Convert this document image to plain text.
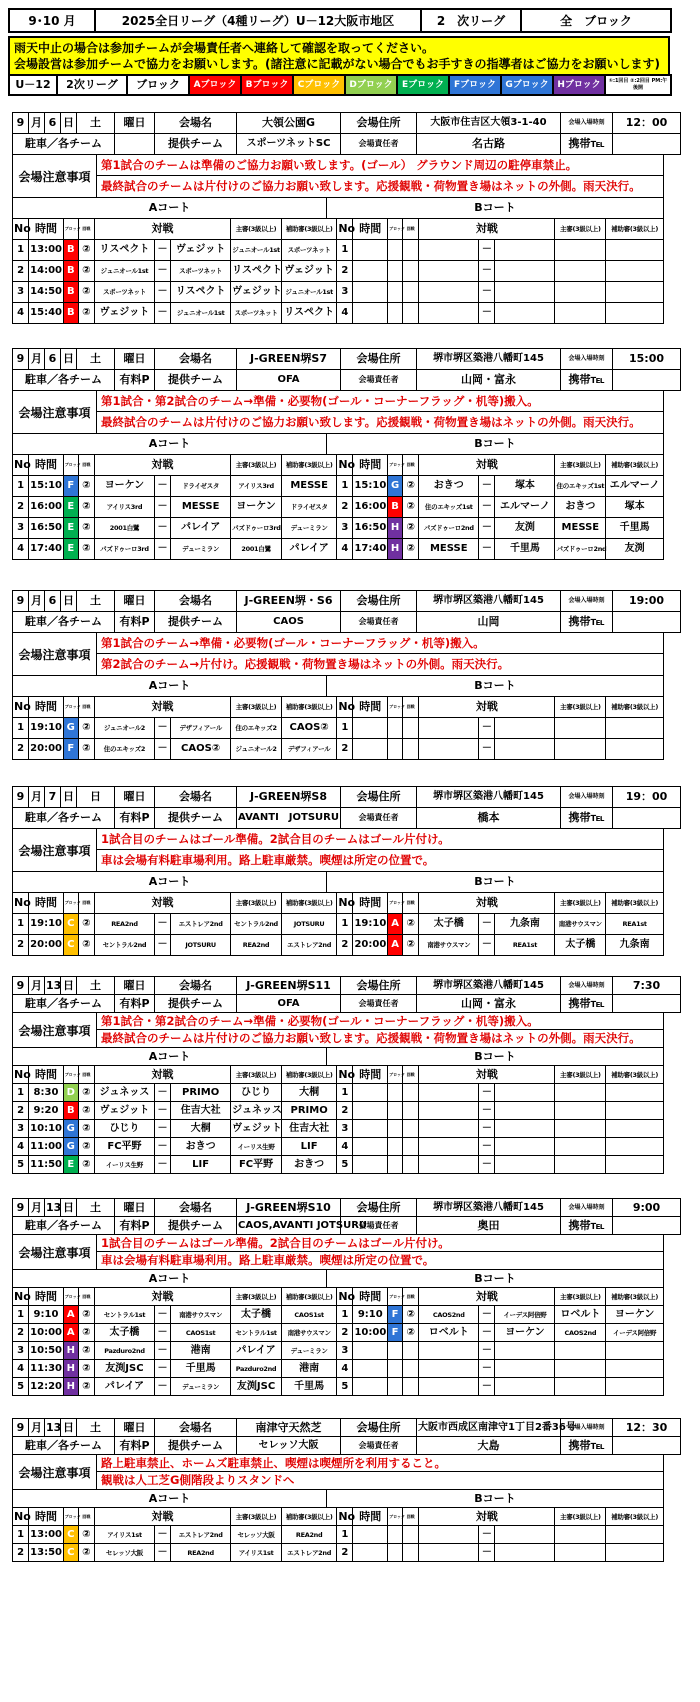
9･10 月	2025全日リーグ（4種リーグ）U－12大阪市地区	2　次リーグ	全　ブロック
雨天中止の場合は参加チームが会場責任者へ連絡して確認を取ってください。
会場設営は参加チームで協力をお願いします。(諸注意に記載がない場合でもお手すきの指導者はご協力をお願いします)
U－12	2次リーグ	ブロック	Aブロック	Bブロック	Cブロック	Dブロック	Eブロック	Fブロック	Gブロック	Hブロック	①:1回目 ②:2回目 PM:午後開
9	月	6	日	土	曜日	会場名	大領公園G	会場住所	大阪市住吉区大領3-1-40	会場入場時刻	12：00
駐車／各チーム						提供チーム	スポーツネットSC	会場責任者	名古路	携帯℡	
会場注意事項
第1試合のチームは準備のご協力お願い致します。(ゴール） グラウンド周辺の駐停車禁止。
最終試合のチームは片付けのご協力お願い致します。応援観戦・荷物置き場はネットの外側。雨天決行。
Aコート	Bコート
No	時間	ブロック	回戦	対戦			主審(3級以上)	補助審(3級以上)	No	時間	ブロック	回戦	対戦			主審(3級以上)	補助審(3級以上)
1	13:00	B	②	リスペクト	－	ヴェジット	ジュニオール1st	スポーツネット	1					－			
2	14:00	B	②	ジュニオール1st	－	スポーツネット	リスペクト	ヴェジット	2					－			
3	14:50	B	②	スポーツネット	－	リスペクト	ヴェジット	ジュニオール1st	3					－			
4	15:40	B	②	ヴェジット	－	ジュニオール1st	スポーツネット	リスペクト	4					－			
9	月	6	日	土	曜日	会場名	J-GREEN堺S7	会場住所	堺市堺区築港八幡町145	会場入場時刻	15:00
駐車／各チーム					有料P	提供チーム	OFA	会場責任者	山岡・富永	携帯℡	
会場注意事項
第1試合・第2試合のチーム→準備・必要物(ゴール・コーナーフラッグ・机等)搬入。
最終試合のチームは片付けのご協力お願い致します。応援観戦・荷物置き場はネットの外側。雨天決行。
Aコート	Bコート
No	時間	ブロック	回戦	対戦			主審(3級以上)	補助審(3級以上)	No	時間	ブロック	回戦	対戦			主審(3級以上)	補助審(3級以上)
1	15:10	F	②	ヨーケン	－	ドライゼスタ	アイリス3rd	MESSE	1	15:10	G	②	おきつ	－	塚本	住のエキッズ1st	エルマーノ
2	16:00	E	②	アイリス3rd	－	MESSE	ヨーケン	ドライゼスタ	2	16:00	B	②	住のエキッズ1st	－	エルマーノ	おきつ	塚本
3	16:50	E	②	2001白鷺	－	パレイア	パズドゥーロ3rd	デューミラン	3	16:50	H	②	パズドゥーロ2nd	－	友渕	MESSE	千里馬
4	17:40	E	②	パズドゥーロ3rd	－	デューミラン	2001白鷺	パレイア	4	17:40	H	②	MESSE	－	千里馬	パズドゥーロ2nd	友渕
9	月	6	日	土	曜日	会場名	J-GREEN堺・S6	会場住所	堺市堺区築港八幡町145	会場入場時刻	19:00
駐車／各チーム					有料P	提供チーム	CAOS	会場責任者	山岡	携帯℡	
会場注意事項
第1試合のチーム→準備・必要物(ゴール・コーナーフラッグ・机等)搬入。
第2試合のチーム→片付け。応援観戦・荷物置き場はネットの外側。雨天決行。
Aコート	Bコート
No	時間	ブロック	回戦	対戦			主審(3級以上)	補助審(3級以上)	No	時間	ブロック	回戦	対戦			主審(3級以上)	補助審(3級以上)
1	19:10	G	②	ジュニオール2	－	デザフィアール	住のエキッズ2	CAOS②	1					－			
2	20:00	F	②	住のエキッズ2	－	CAOS②	ジュニオール2	デザフィアール	2					－			
9	月	7	日	日	曜日	会場名	J-GREEN堺S8	会場住所	堺市堺区築港八幡町145	会場入場時刻	19：00
駐車／各チーム					有料P	提供チーム	AVANTI　JOTSURU	会場責任者	橋本	携帯℡	
会場注意事項
1試合目のチームはゴール準備。2試合目のチームはゴール片付け。
車は会場有料駐車場利用。路上駐車厳禁。喫煙は所定の位置で。
Aコート	Bコート
No	時間	ブロック	回戦	対戦			主審(3級以上)	補助審(3級以上)	No	時間	ブロック	回戦	対戦			主審(3級以上)	補助審(3級以上)
1	19:10	C	②	REA2nd	－	エストレア2nd	セントラル2nd	JOTSURU	1	19:10	A	②	太子橋	－	九条南	南港サウスマン	REA1st
2	20:00	C	②	セントラル2nd	－	JOTSURU	REA2nd	エストレア2nd	2	20:00	A	②	南港サウスマン	－	REA1st	太子橋	九条南
9	月	13	日	土	曜日	会場名	J-GREEN堺S11	会場住所	堺市堺区築港八幡町145	会場入場時刻	7:30
駐車／各チーム					有料P	提供チーム	OFA	会場責任者	山岡・富永	携帯℡	
会場注意事項
第1試合・第2試合のチーム→準備・必要物(ゴール・コーナーフラッグ・机等)搬入。
最終試合のチームは片付けのご協力お願い致します。応援観戦・荷物置き場はネットの外側。雨天決行。
Aコート	Bコート
No	時間	ブロック	回戦	対戦			主審(3級以上)	補助審(3級以上)	No	時間	ブロック	回戦	対戦			主審(3級以上)	補助審(3級以上)
1	8:30	D	②	ジュネッス	－	PRIMO	ひじり	大桐	1					－			
2	9:20	B	②	ヴェジット	－	住吉大社	ジュネッス	PRIMO	2					－			
3	10:10	G	②	ひじり	－	大桐	ヴェジット	住吉大社	3					－			
4	11:00	G	②	FC平野	－	おきつ	イーリス生野	LIF	4					－			
5	11:50	E	②	イーリス生野	－	LIF	FC平野	おきつ	5					－			
9	月	13	日	土	曜日	会場名	J-GREEN堺S10	会場住所	堺市堺区築港八幡町145	会場入場時刻	9:00
駐車／各チーム					有料P	提供チーム	CAOS,AVANTI JOTSURU	会場責任者	奥田	携帯℡	
会場注意事項
1試合目のチームはゴール準備。2試合目のチームはゴール片付け。
車は会場有料駐車場利用。路上駐車厳禁。喫煙は所定の位置で。
Aコート	Bコート
No	時間	ブロック	回戦	対戦			主審(3級以上)	補助審(3級以上)	No	時間	ブロック	回戦	対戦			主審(3級以上)	補助審(3級以上)
1	9:10	A	②	セントラル1st	－	南港サウスマン	太子橋	CAOS1st	1	9:10	F	②	CAOS2nd	－	イーデス阿倍野	ロベルト	ヨーケン
2	10:00	A	②	太子橋	－	CAOS1st	セントラル1st	南港サウスマン	2	10:00	F	②	ロベルト	－	ヨーケン	CAOS2nd	イーデス阿倍野
3	10:50	H	②	Pazduro2nd	－	港南	パレイア	デューミラン	3					－			
4	11:30	H	②	友渕JSC	－	千里馬	Pazduro2nd	港南	4					－			
5	12:20	H	②	パレイア	－	デューミラン	友渕JSC	千里馬	5					－			
9	月	13	日	土	曜日	会場名	南津守天然芝	会場住所	大阪市西成区南津守1丁目2番36号	会場入場時刻	12：30
駐車／各チーム					有料P	提供チーム	セレッソ大阪	会場責任者	大島	携帯℡	
会場注意事項
路上駐車禁止、ホームズ駐車禁止、喫煙は喫煙所を利用すること。
観戦は人工芝G側階段よりスタンドへ
Aコート	Bコート
No	時間	ブロック	回戦	対戦			主審(3級以上)	補助審(3級以上)	No	時間	ブロック	回戦	対戦			主審(3級以上)	補助審(3級以上)
1	13:00	C	②	アイリス1st	－	エストレア2nd	セレッソ大阪	REA2nd	1					－			
2	13:50	C	②	セレッソ大阪	－	REA2nd	アイリス1st	エストレア2nd	2					－			
